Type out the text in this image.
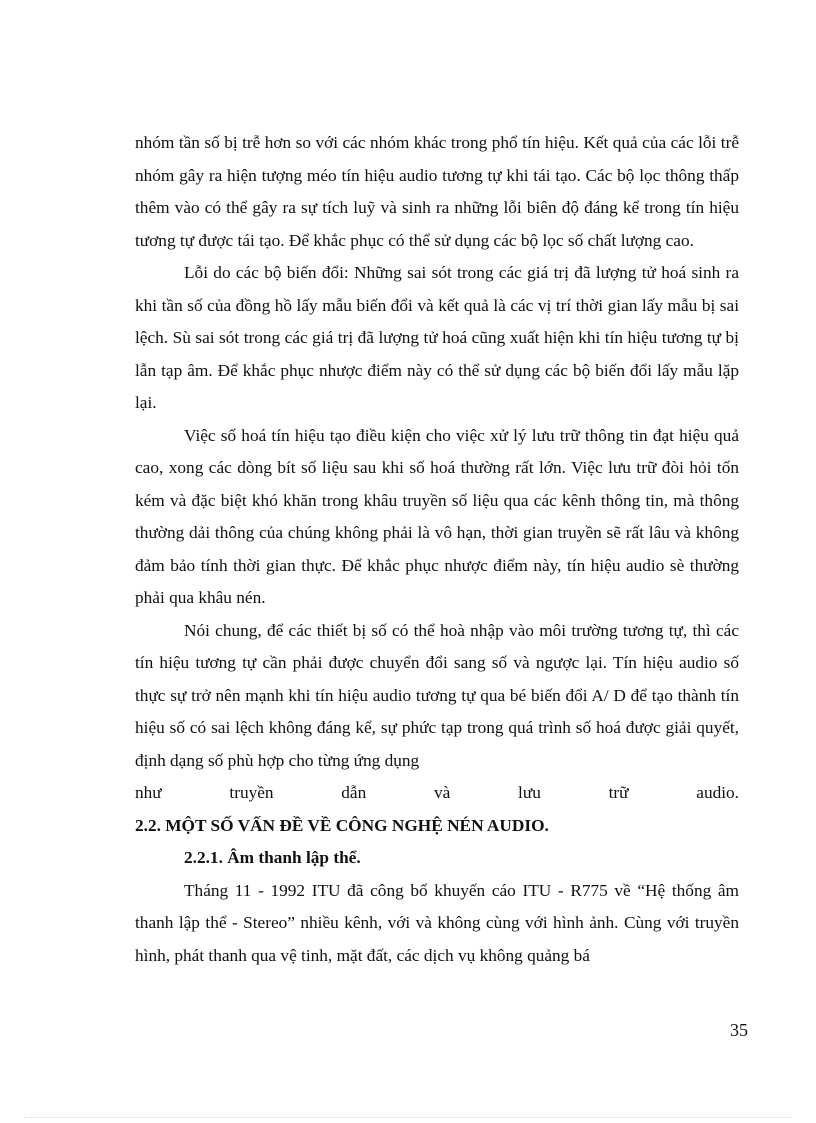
nhóm tần số bị trễ hơn so với các nhóm khác trong phổ tín hiệu. Kết quả của các lỗi trễ nhóm gây ra hiện tượng méo tín hiệu audio tương tự khi tái tạo. Các bộ lọc thông thấp thêm vào có thể gây ra sự tích luỹ và sinh ra những lỗi biên độ đáng kể trong tín hiệu tương tự được tái tạo. Để khắc phục có thể sử dụng các bộ lọc số chất lượng cao.

Lỗi do các bộ biến đổi: Những sai sót trong các giá trị đã lượng tử hoá sinh ra khi tần số của đồng hồ lấy mẫu biến đổi và kết quả là các vị trí thời gian lấy mẫu bị sai lệch. Sù sai sót trong các giá trị đã lượng tử hoá cũng xuất hiện khi tín hiệu tương tự bị lẫn tạp âm. Để khắc phục nhược điểm này có thể sử dụng các bộ biến đổi lấy mẫu lặp lại.

Việc số hoá tín hiệu tạo điều kiện cho việc xử lý lưu trữ thông tin đạt hiệu quả cao, xong các dòng bít số liệu sau khi số hoá thường rất lớn. Việc lưu trữ đòi hỏi tốn kém và đặc biệt khó khăn trong khâu truyền số liệu qua các kênh thông tin, mà thông thường dải thông của chúng không phải là vô hạn, thời gian truyền sẽ rất lâu và không đảm bảo tính thời gian thực. Để khắc phục nhược điểm này, tín hiệu audio sè thường phải qua khâu nén.

Nói chung, để các thiết bị số có thể hoà nhập vào môi trường tương tự, thì các tín hiệu tương tự cần phải được chuyển đổi sang số và ngược lại. Tín hiệu audio số thực sự trở nên mạnh khi tín hiệu audio tương tự qua bé biến đổi A/ D để tạo thành tín hiệu số có sai lệch không đáng kể, sự phức tạp trong quá trình số hoá được giải quyết, định dạng số phù hợp cho từng ứng dụng

như truyền dẫn và lưu trữ audio.

2.2. MỘT SỐ VẤN ĐỀ VỀ CÔNG NGHỆ NÉN AUDIO.

2.2.1. Âm thanh lập thể.

Tháng 11 - 1992 ITU đã công bố khuyến cáo ITU - R775 về “Hệ thống âm thanh lập thể - Stereo” nhiều kênh, với và không cùng với hình ảnh. Cùng với truyền hình, phát thanh qua vệ tinh, mặt đất, các dịch vụ không quảng bá

35
